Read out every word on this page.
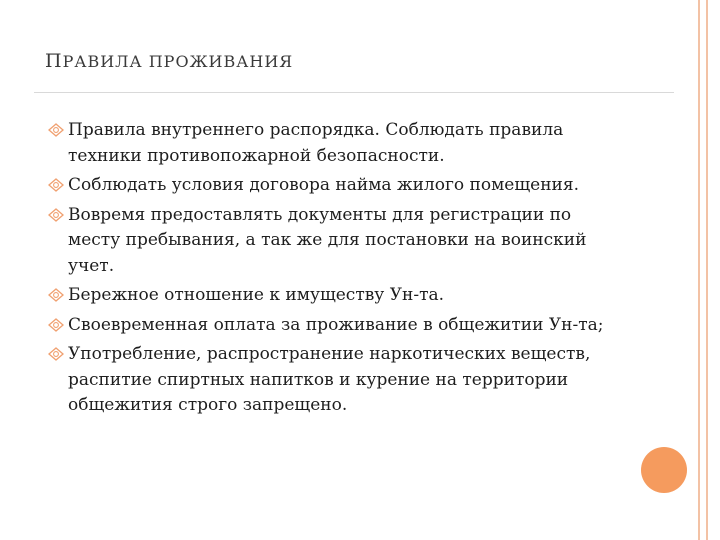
ПРАВИЛА ПРОЖИВАНИЯ
Правила внутреннего распорядка. Соблюдать правила техники противопожарной безопасности.
Соблюдать условия договора найма жилого помещения.
Вовремя предоставлять документы для регистрации по месту пребывания, а так же для постановки на воинский учет.
Бережное отношение к имуществу Ун-та.
Своевременная оплата за проживание в общежитии Ун-та;
Употребление, распространение наркотических веществ, распитие спиртных напитков и курение на территории общежития строго запрещено.
